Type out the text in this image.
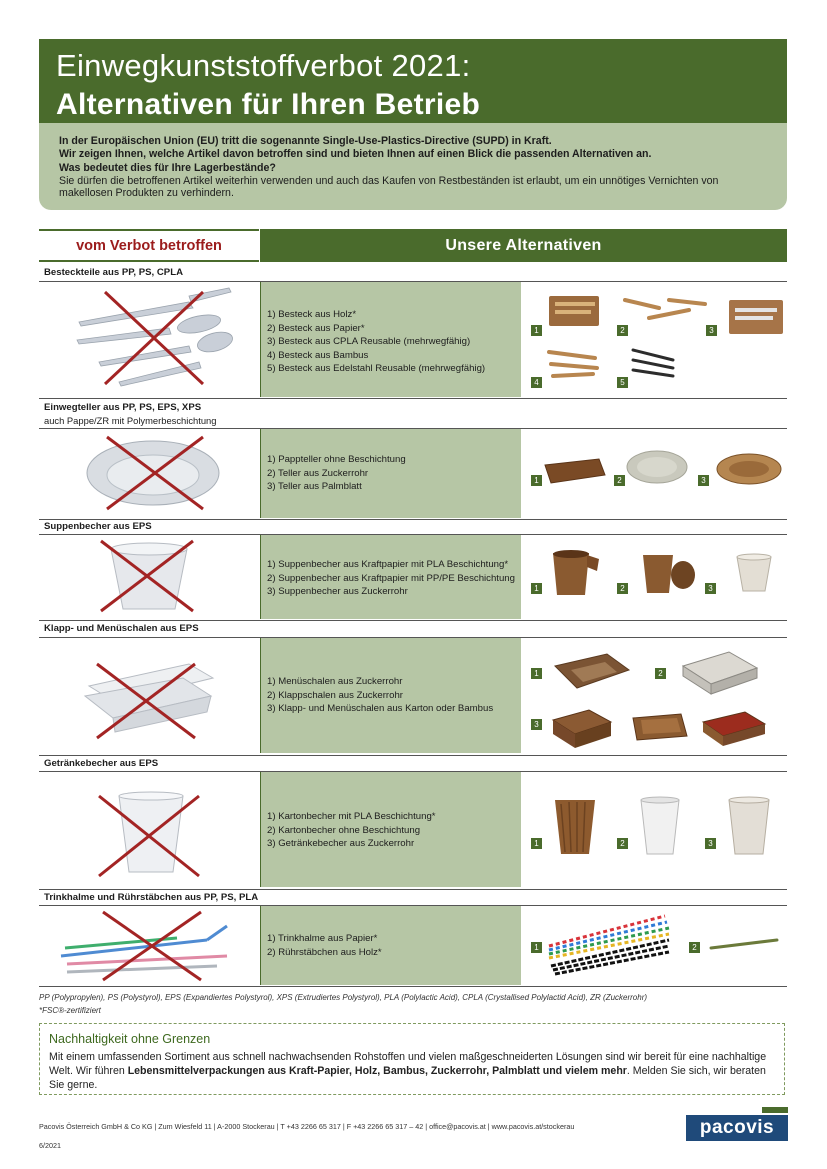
Einwegkunststoffverbot 2021:
Alternativen für Ihren Betrieb
In der Europäischen Union (EU) tritt die sogenannte Single-Use-Plastics-Directive (SUPD) in Kraft.
Wir zeigen Ihnen, welche Artikel davon betroffen sind und bieten Ihnen auf einen Blick die passenden Alternativen an.
Was bedeutet dies für Ihre Lagerbestände?
Sie dürfen die betroffenen Artikel weiterhin verwenden und auch das Kaufen von Restbeständen ist erlaubt, um ein unnötiges Vernichten von makellosen Produkten zu verhindern.
vom Verbot betroffen	Unsere Alternativen
Besteckteile aus PP, PS, CPLA
1) Besteck aus Holz*
2) Besteck aus Papier*
3) Besteck aus CPLA Reusable (mehrwegfähig)
4) Besteck aus Bambus
5) Besteck aus Edelstahl Reusable (mehrwegfähig)
1	2	3
4	5
Einwegteller aus PP, PS, EPS, XPS
auch Pappe/ZR mit Polymerbeschichtung
1) Pappteller ohne Beschichtung
2) Teller aus Zuckerrohr
3) Teller aus Palmblatt
1	2	3
Suppenbecher aus EPS
1) Suppenbecher aus Kraftpapier mit PLA Beschichtung*
2) Suppenbecher aus Kraftpapier mit PP/PE Beschichtung
3) Suppenbecher aus Zuckerrohr	1	2	3
Klapp- und Menüschalen aus EPS
1) Menüschalen aus Zuckerrohr
2) Klappschalen aus Zuckerrohr
3) Klapp- und Menüschalen aus Karton oder Bambus
1	2
3
Getränkebecher aus EPS
1) Kartonbecher mit PLA Beschichtung*
2) Kartonbecher ohne Beschichtung
3) Getränkebecher aus Zuckerrohr	1	2	3
Trinkhalme und Rührstäbchen aus PP, PS, PLA
1) Trinkhalme aus Papier*
2) Rührstäbchen aus Holz*	1	2
PP (Polypropylen), PS (Polystyrol), EPS (Expandiertes Polystyrol), XPS (Extrudiertes Polystyrol), PLA (Polylactic Acid), CPLA (Crystallised Polylactid Acid), ZR (Zuckerrohr)
*FSC®-zertifiziert
Nachhaltigkeit ohne Grenzen
Mit einem umfassenden Sortiment aus schnell nachwachsenden Rohstoffen und vielen maßgeschneiderten Lösungen sind wir bereit für eine nachhaltige Welt. Wir führen Lebensmittelverpackungen aus Kraft-Papier, Holz, Bambus, Zuckerrohr, Palmblatt und vielem mehr. Melden Sie sich, wir beraten Sie gerne.
Pacovis Österreich GmbH & Co KG | Zum Wiesfeld 11 | A-2000 Stockerau | T +43 2266 65 317 | F +43 2266 65 317 – 42 | office@pacovis.at | www.pacovis.at/stockerau
6/2021
pacovis
